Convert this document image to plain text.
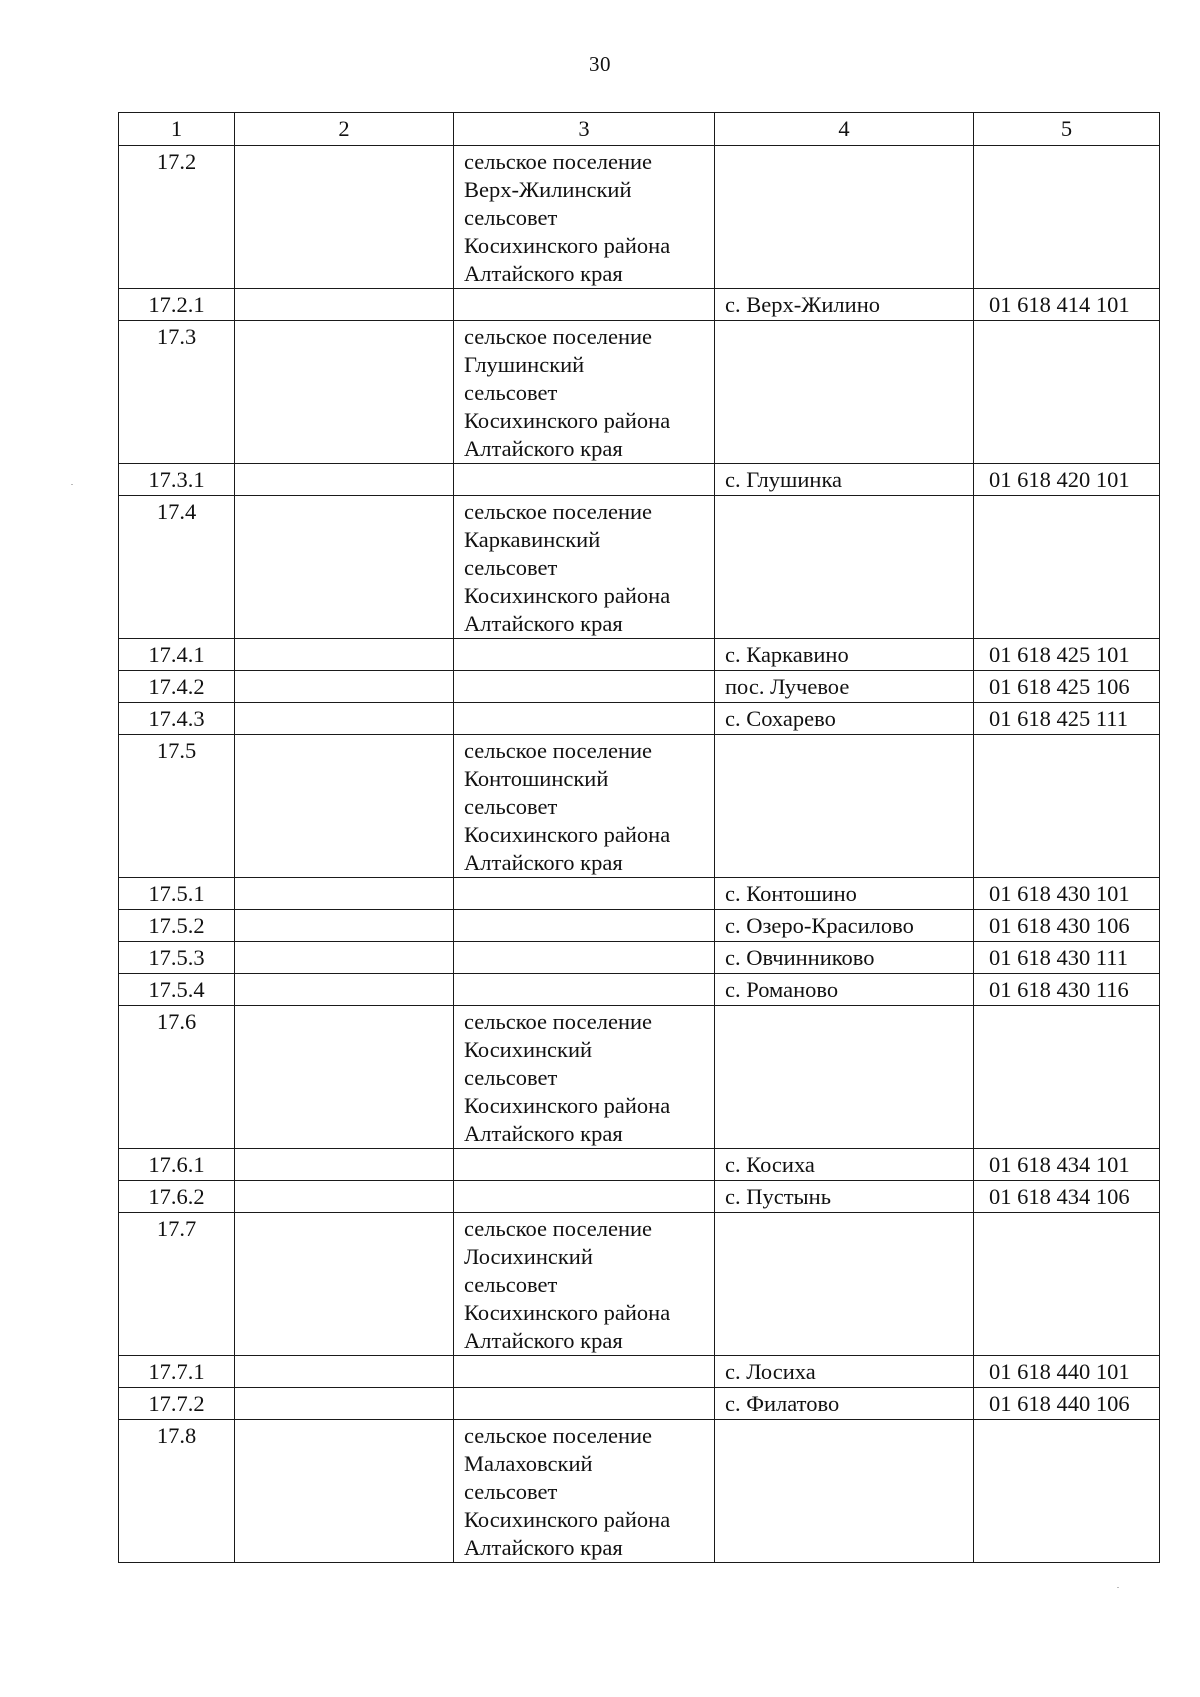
30
1	2	3	4	5
17.2		сельское поселение
Верх-Жилинский
сельсовет
Косихинского района
Алтайского края		
17.2.1			с. Верх-Жилино	01 618 414 101
17.3		сельское поселение
Глушинский
сельсовет
Косихинского района
Алтайского края		
17.3.1			с. Глушинка	01 618 420 101
17.4		сельское поселение
Каркавинский
сельсовет
Косихинского района
Алтайского края		
17.4.1			с. Каркавино	01 618 425 101
17.4.2			пос. Лучевое	01 618 425 106
17.4.3			с. Сохарево	01 618 425 111
17.5		сельское поселение
Контошинский
сельсовет
Косихинского района
Алтайского края		
17.5.1			с. Контошино	01 618 430 101
17.5.2			с. Озеро-Красилово	01 618 430 106
17.5.3			с. Овчинниково	01 618 430 111
17.5.4			с. Романово	01 618 430 116
17.6		сельское поселение
Косихинский
сельсовет
Косихинского района
Алтайского края		
17.6.1			с. Косиха	01 618 434 101
17.6.2			с. Пустынь	01 618 434 106
17.7		сельское поселение
Лосихинский
сельсовет
Косихинского района
Алтайского края		
17.7.1			с. Лосиха	01 618 440 101
17.7.2			с. Филатово	01 618 440 106
17.8		сельское поселение
Малаховский
сельсовет
Косихинского района
Алтайского края		
